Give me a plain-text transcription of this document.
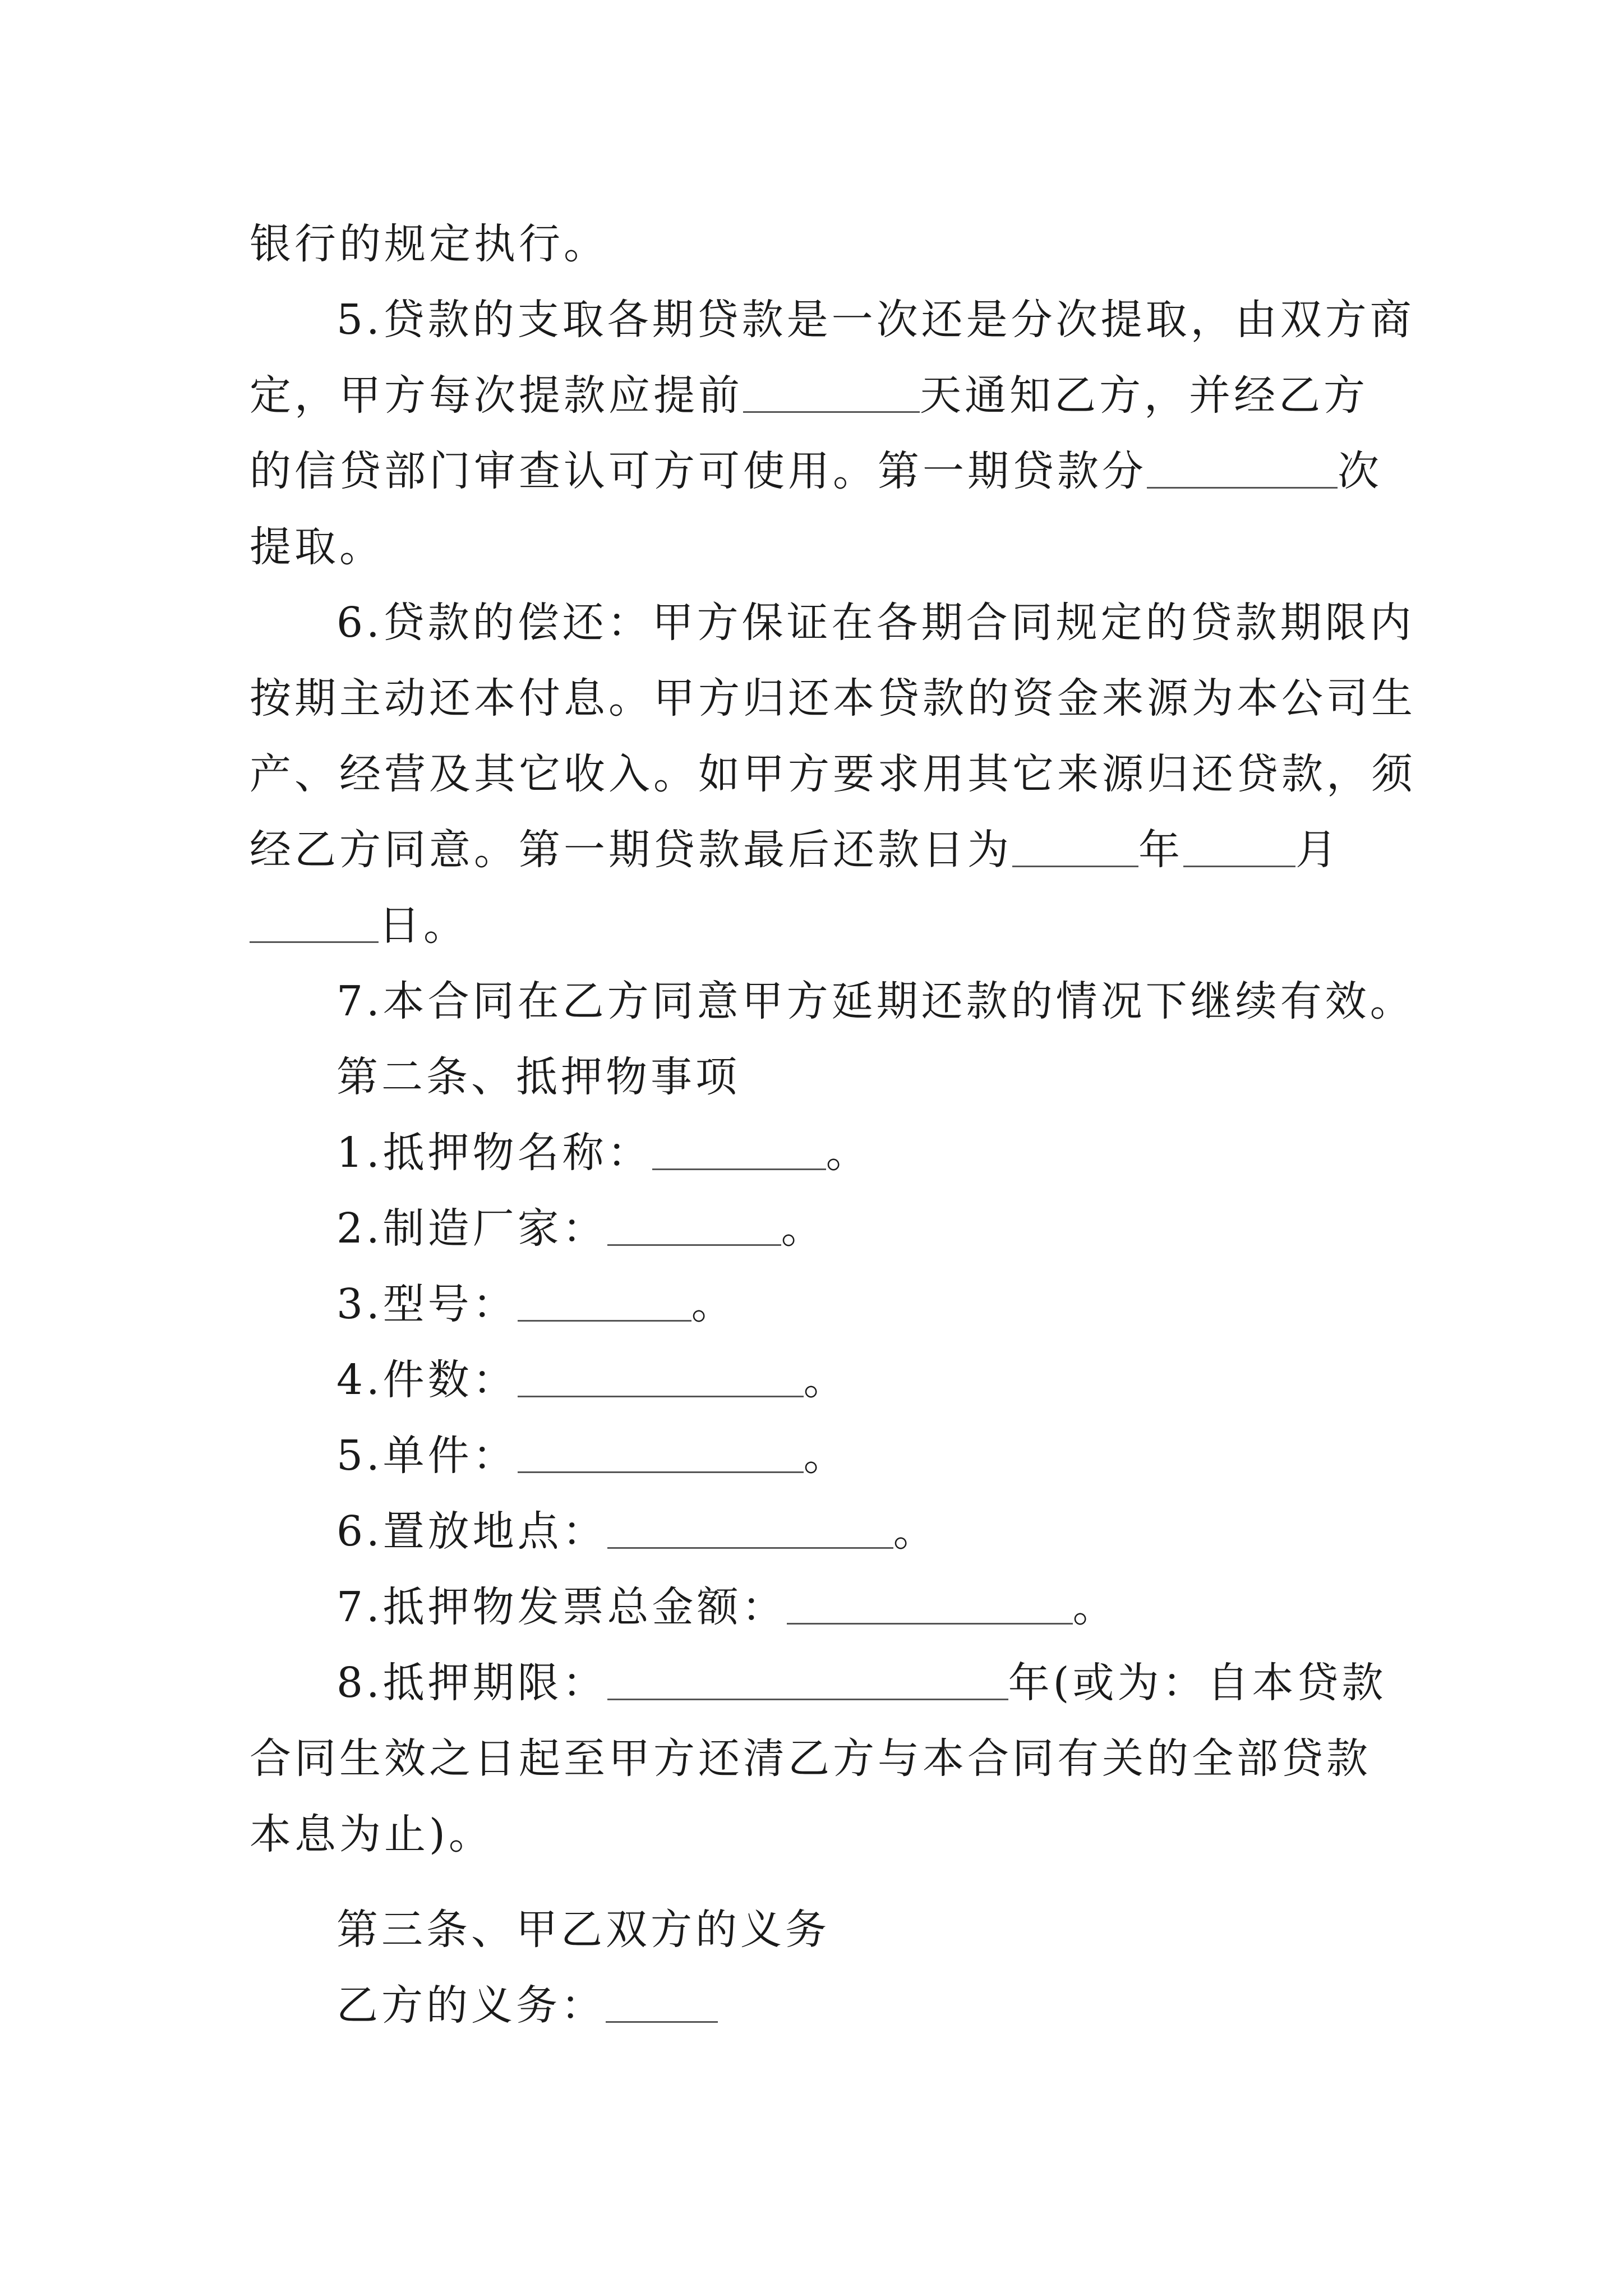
银行的规定执行。
5.贷款的支取各期贷款是一次还是分次提取，由双方商
定，甲方每次提款应提前	天通知乙方，并经乙方
的信贷部门审查认可方可使用。第一期贷款分	次
提取。
6.贷款的偿还：甲方保证在各期合同规定的贷款期限内
按期主动还本付息。甲方归还本贷款的资金来源为本公司生
产、经营及其它收入。如甲方要求用其它来源归还贷款，须
经乙方同意。第一期贷款最后还款日为	年	月
日。
7.本合同在乙方同意甲方延期还款的情况下继续有效。
第二条、抵押物事项
1.抵押物名称：	。
2.制造厂家：	。
3.型号：	。
4.件数：	。
5.单件：	。
6.置放地点：	。
7.抵押物发票总金额：	。
8.抵押期限：	年(或为：自本贷款
合同生效之日起至甲方还清乙方与本合同有关的全部贷款
本息为止)。
第三条、甲乙双方的义务
乙方的义务：
